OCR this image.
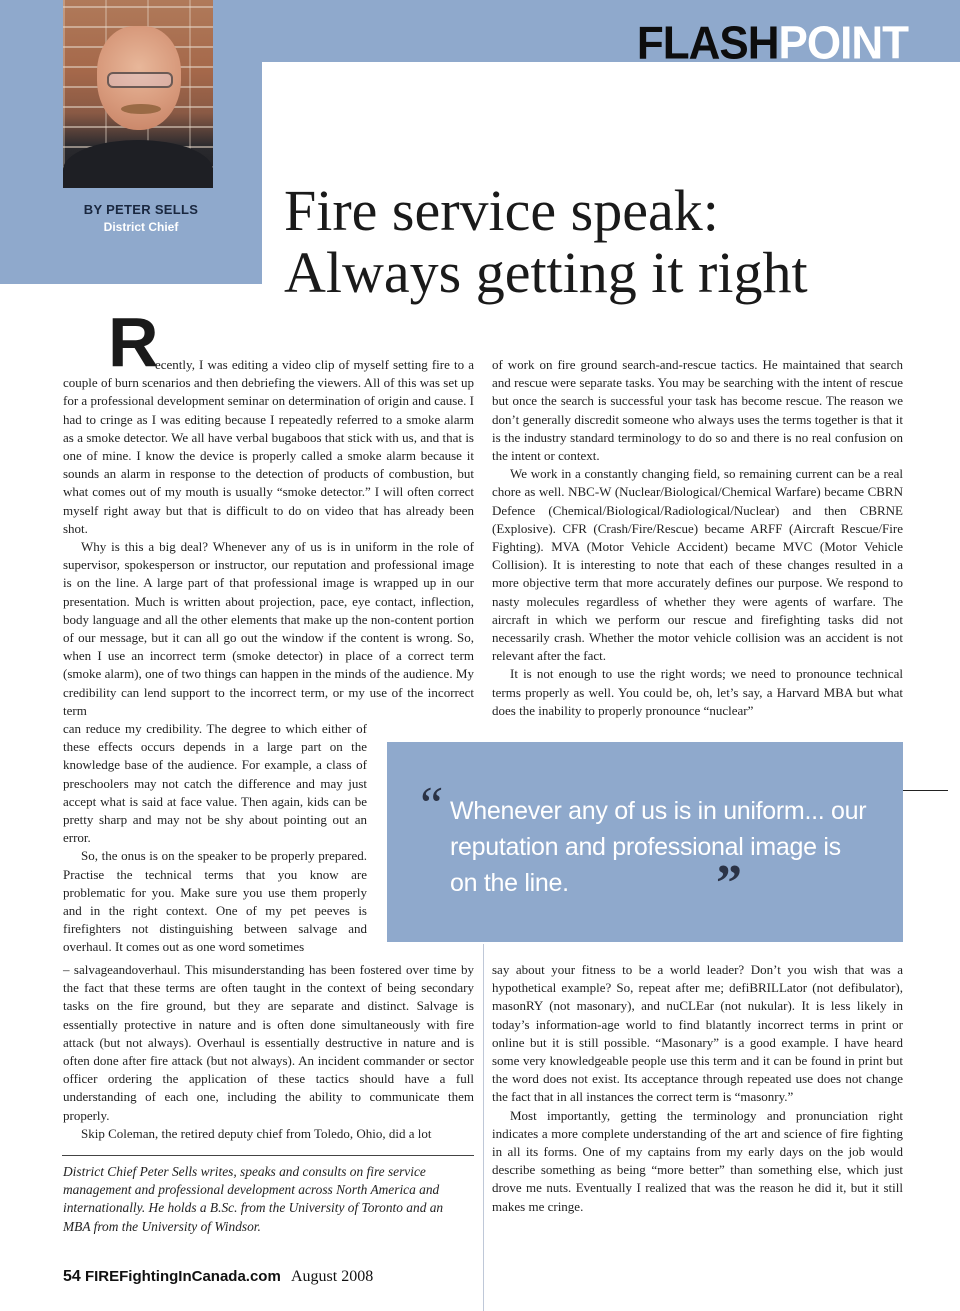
BY PETER SELLS
District Chief
FLASHPOINT
Fire service speak:
Always getting it right
R

ecently, I was editing a video clip of myself setting fire to a couple of burn scenarios and then debriefing the viewers. All of this was set up for a professional development seminar on determination of origin and cause. I had to cringe as I was editing because I repeatedly referred to a smoke alarm as a smoke detector. We all have verbal bugaboos that stick with us, and that is one of mine. I know the device is properly called a smoke alarm because it sounds an alarm in response to the detection of products of combustion, but what comes out of my mouth is usually “smoke detector.” I will often correct myself right away but that is difficult to do on video that has already been shot.

Why is this a big deal? Whenever any of us is in uniform in the role of supervisor, spokesperson or instructor, our reputation and professional image is on the line. A large part of that professional image is wrapped up in our presentation. Much is written about projection, pace, eye contact, inflection, body language and all the other elements that make up the non-content portion of our message, but it can all go out the window if the content is wrong. So, when I use an incorrect term (smoke detector) in place of a correct term (smoke alarm), one of two things can happen in the minds of the audience. My credibility can lend support to the incorrect term, or my use of the incorrect term

can reduce my credibility. The degree to which either of these effects occurs depends in a large part on the knowledge base of the audience. For example, a class of preschoolers may not catch the difference and may just accept what is said at face value. Then again, kids can be pretty sharp and may not be shy about pointing out an error.

So, the onus is on the speaker to be properly prepared. Practise the technical terms that you know are problematic for you. Make sure you use them properly and in the right context. One of my pet peeves is firefighters not distinguishing between salvage and overhaul. It comes out as one word sometimes

– salvageandoverhaul. This misunderstanding has been fostered over time by the fact that these terms are often taught in the context of being secondary tasks on the fire ground, but they are separate and distinct. Salvage is essentially protective in nature and is often done simultaneously with fire attack (but not always). Overhaul is essentially destructive in nature and is often done after fire attack (but not always). An incident commander or sector officer ordering the application of these tactics should have a full understanding of each one, including the ability to communicate them properly.

Skip Coleman, the retired deputy chief from Toledo, Ohio, did a lot

of work on fire ground search-and-rescue tactics. He maintained that search and rescue were separate tasks. You may be searching with the intent of rescue but once the search is successful your task has become rescue. The reason we don’t generally discredit someone who always uses the terms together is that it is the industry standard terminology to do so and there is no real confusion on the intent or context.

We work in a constantly changing field, so remaining current can be a real chore as well. NBC-W (Nuclear/Biological/Chemical Warfare) became CBRN Defence (Chemical/Biological/Radiological/Nuclear) and then CBRNE (Explosive). CFR (Crash/Fire/Rescue) became ARFF (Aircraft Rescue/Fire Fighting). MVA (Motor Vehicle Accident) became MVC (Motor Vehicle Collision). It is interesting to note that each of these changes resulted in a more objective term that more accurately defines our purpose. We respond to nasty molecules regardless of whether they were agents of warfare. The aircraft in which we perform our rescue and firefighting tasks did not necessarily crash. Whether the motor vehicle collision was an accident is not relevant after the fact.

It is not enough to use the right words; we need to pronounce technical terms properly as well. You could be, oh, let’s say, a Harvard MBA but what does the inability to properly pronounce “nuclear”

“ Whenever any of us is in uniform... our reputation and professional image is on the line.	”

say about your fitness to be a world leader? Don’t you wish that was a hypothetical example? So, repeat after me; defiBRILLator (not defibulator), masonRY (not masonary), and nuCLEar (not nukular). It is less likely in today’s information-age world to find blatantly incorrect terms in print or online but it is still possible. “Masonary” is a good example. I have heard some very knowledgeable people use this term and it can be found in print but the word does not exist. Its acceptance through repeated use does not change the fact that in all instances the correct term is “masonry.”

Most importantly, getting the terminology and pronunciation right indicates a more complete understanding of the art and science of fire fighting in all its forms. One of my captains from my early days on the job would describe something as being “more better” than something else, which just drove me nuts. Eventually I realized that was the reason he did it, but it still makes me cringe.

District Chief Peter Sells writes, speaks and consults on fire service management and professional development across North America and internationally. He holds a B.Sc. from the University of Toronto and an MBA from the University of Windsor.
54 FIREFightingInCanada.com August 2008
